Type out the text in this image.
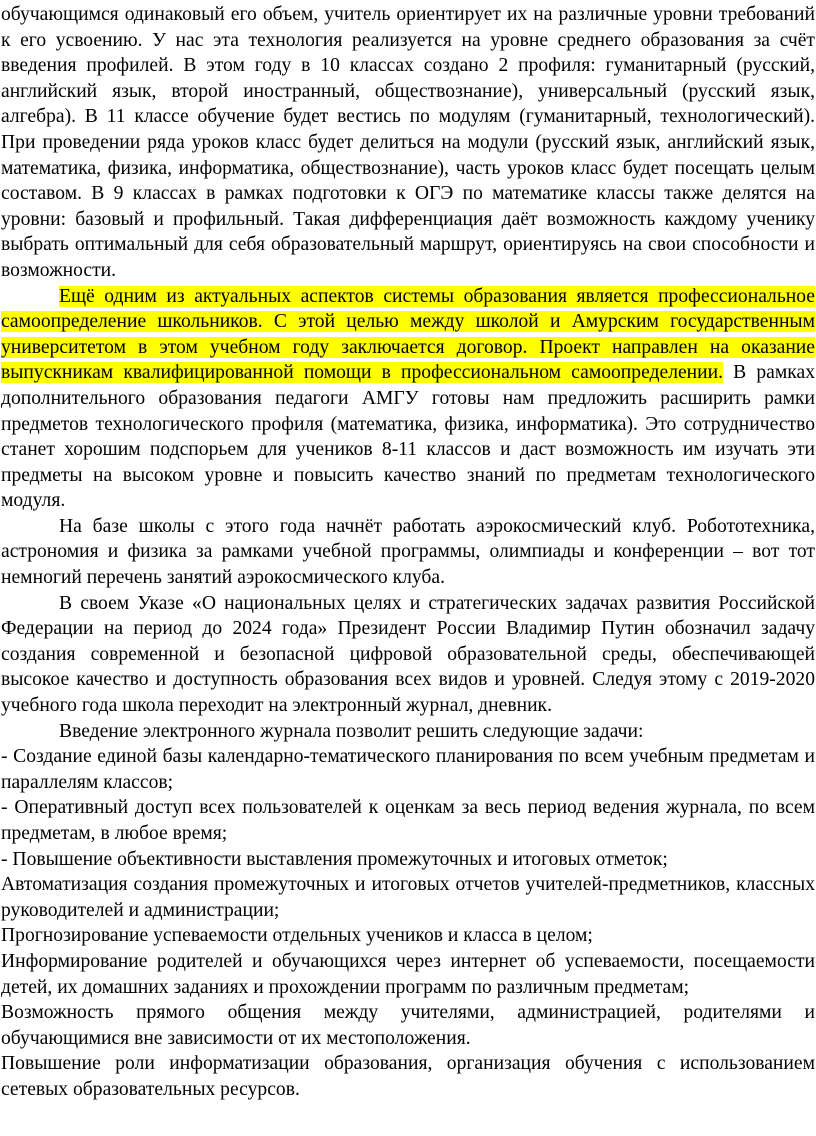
обучающимся одинаковый его объем, учитель ориентирует их на различные уровни требований к его усвоению. У нас эта технология реализуется на уровне среднего образования за счёт введения профилей. В этом году в 10 классах создано 2 профиля: гуманитарный (русский, английский язык, второй иностранный, обществознание), универсальный (русский язык, алгебра). В 11 классе обучение будет вестись по модулям (гуманитарный, технологический). При проведении ряда уроков класс будет делиться на модули (русский язык, английский язык, математика, физика, информатика, обществознание), часть уроков класс будет посещать целым составом. В 9 классах в рамках подготовки к ОГЭ по математике классы также делятся на уровни: базовый и профильный. Такая дифференциация даёт возможность каждому ученику выбрать оптимальный для себя образовательный маршрут, ориентируясь на свои способности и возможности.

Ещё одним из актуальных аспектов системы образования является профессиональное самоопределение школьников. С этой целью между школой и Амурским государственным университетом в этом учебном году заключается договор. Проект направлен на оказание выпускникам квалифицированной помощи в профессиональном самоопределении. В рамках дополнительного образования педагоги АМГУ готовы нам предложить расширить рамки предметов технологического профиля (математика, физика, информатика). Это сотрудничество станет хорошим подспорьем для учеников 8-11 классов и даст возможность им изучать эти предметы на высоком уровне и повысить качество знаний по предметам технологического модуля.

На базе школы с этого года начнёт работать аэрокосмический клуб. Робототехника, астрономия и физика за рамками учебной программы, олимпиады и конференции – вот тот немногий перечень занятий аэрокосмического клуба.

В своем Указе «О национальных целях и стратегических задачах развития Российской Федерации на период до 2024 года» Президент России Владимир Путин обозначил задачу создания современной и безопасной цифровой образовательной среды, обеспечивающей высокое качество и доступность образования всех видов и уровней. Следуя этому с 2019-2020 учебного года школа переходит на электронный журнал, дневник.

Введение электронного журнала позволит решить следующие задачи:

- Создание единой базы календарно-тематического планирования по всем учебным предметам и параллелям классов;

- Оперативный доступ всех пользователей к оценкам за весь период ведения журнала, по всем предметам, в любое время;

- Повышение объективности выставления промежуточных и итоговых отметок;

Автоматизация создания промежуточных и итоговых отчетов учителей-предметников, классных руководителей и администрации;

Прогнозирование успеваемости отдельных учеников и класса в целом;

Информирование родителей и обучающихся через интернет об успеваемости, посещаемости детей, их домашних заданиях и прохождении программ по различным предметам;

Возможность прямого общения между учителями, администрацией, родителями и обучающимися вне зависимости от их местоположения.

Повышение роли информатизации образования, организация обучения с использованием сетевых образовательных ресурсов.
